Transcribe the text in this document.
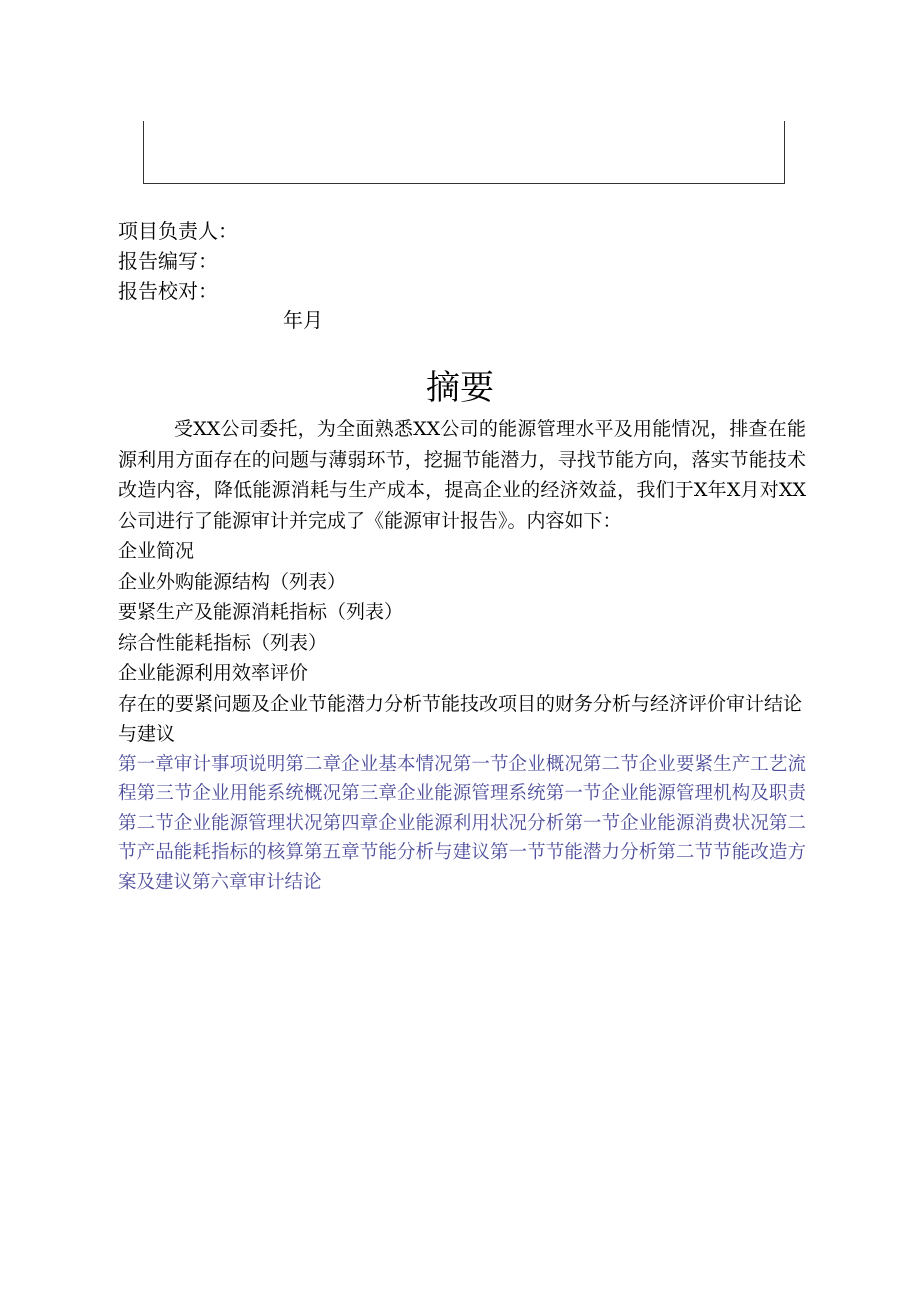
项目负责人：
报告编写：
报告校对：
年月
摘要

受XX公司委托，为全面熟悉XX公司的能源管理水平及用能情况，排查在能源利用方面存在的问题与薄弱环节，挖掘节能潜力，寻找节能方向，落实节能技术改造内容，降低能源消耗与生产成本，提高企业的经济效益，我们于X年X月对XX公司进行了能源审计并完成了《能源审计报告》。内容如下：

企业简况

企业外购能源结构（列表）

要紧生产及能源消耗指标（列表）

综合性能耗指标（列表）

企业能源利用效率评价

存在的要紧问题及企业节能潜力分析节能技改项目的财务分析与经济评价审计结论与建议

第一章审计事项说明第二章企业基本情况第一节企业概况第二节企业要紧生产工艺流程第三节企业用能系统概况第三章企业能源管理系统第一节企业能源管理机构及职责第二节企业能源管理状况第四章企业能源利用状况分析第一节企业能源消费状况第二节产品能耗指标的核算第五章节能分析与建议第一节节能潜力分析第二节节能改造方案及建议第六章审计结论
